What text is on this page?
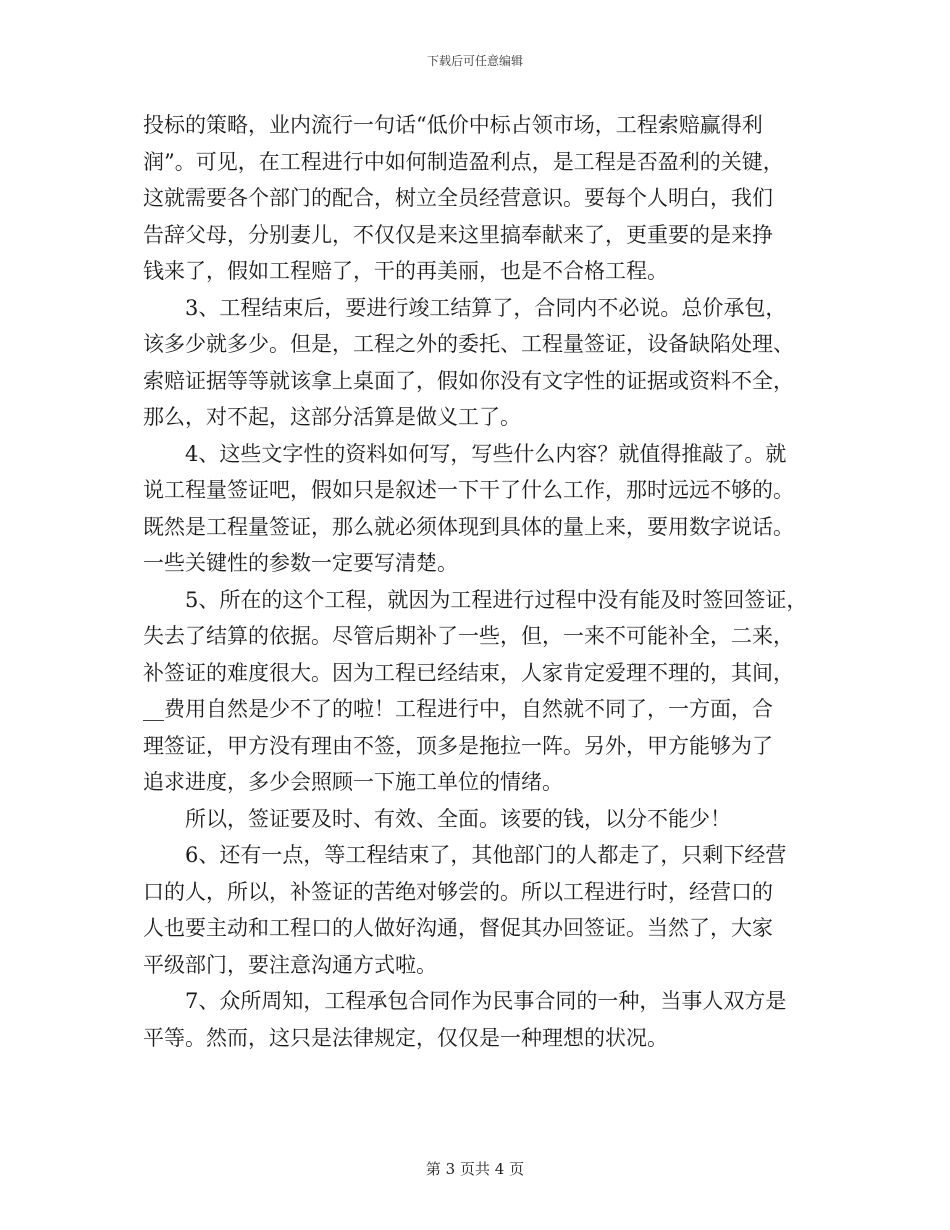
下载后可任意编辑
投标的策略，业内流行一句话“低价中标占领市场，工程索赔赢得利
润”。可见，在工程进行中如何制造盈利点，是工程是否盈利的关键，
这就需要各个部门的配合，树立全员经营意识。要每个人明白，我们
告辞父母，分别妻儿，不仅仅是来这里搞奉献来了，更重要的是来挣
钱来了，假如工程赔了，干的再美丽，也是不合格工程。
3、工程结束后，要进行竣工结算了，合同内不必说。总价承包，
该多少就多少。但是，工程之外的委托、工程量签证，设备缺陷处理、
索赔证据等等就该拿上桌面了，假如你没有文字性的证据或资料不全，
那么，对不起，这部分活算是做义工了。
4、这些文字性的资料如何写，写些什么内容？就值得推敲了。就
说工程量签证吧，假如只是叙述一下干了什么工作，那时远远不够的。
既然是工程量签证，那么就必须体现到具体的量上来，要用数字说话。
一些关键性的参数一定要写清楚。
5、所在的这个工程，就因为工程进行过程中没有能及时签回签证，
失去了结算的依据。尽管后期补了一些，但，一来不可能补全，二来，
补签证的难度很大。因为工程已经结束，人家肯定爱理不理的，其间，
__费用自然是少不了的啦！工程进行中，自然就不同了，一方面，合
理签证，甲方没有理由不签，顶多是拖拉一阵。另外，甲方能够为了
追求进度，多少会照顾一下施工单位的情绪。
所以，签证要及时、有效、全面。该要的钱，以分不能少！
6、还有一点，等工程结束了，其他部门的人都走了，只剩下经营
口的人，所以，补签证的苦绝对够尝的。所以工程进行时，经营口的
人也要主动和工程口的人做好沟通，督促其办回签证。当然了，大家
平级部门，要注意沟通方式啦。
7、众所周知，工程承包合同作为民事合同的一种，当事人双方是
平等。然而，这只是法律规定，仅仅是一种理想的状况。
第 3 页共 4 页
